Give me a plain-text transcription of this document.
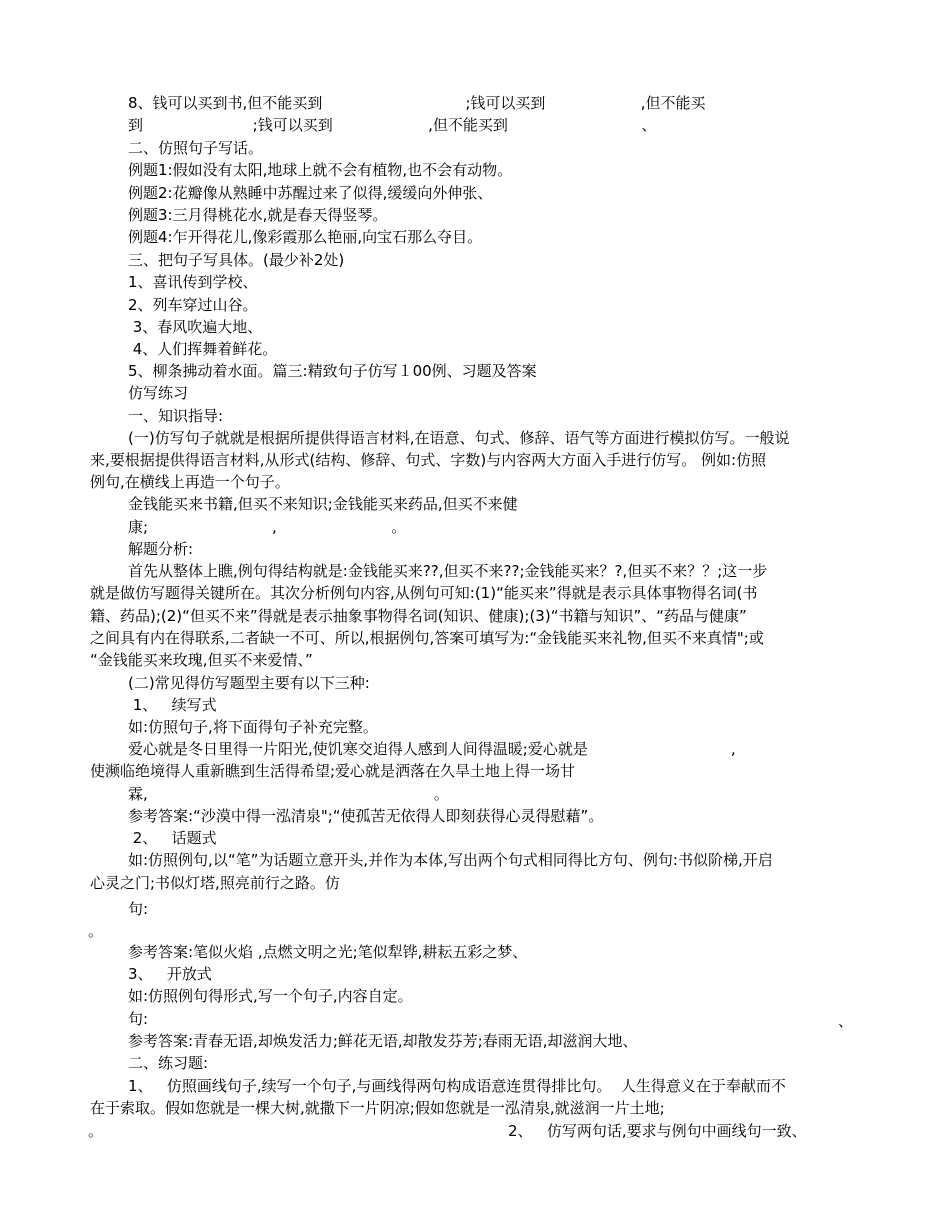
8、钱可以买到书,但不能买到                              ;钱可以买到                    ,但不能买
到                       ;钱可以买到                    ,但不能买到                            、
二、仿照句子写话。
例题1:假如没有太阳,地球上就不会有植物,也不会有动物。
例题2:花瓣像从熟睡中苏醒过来了似得,缓缓向外伸张、
例题3:三月得桃花水,就是春天得竖琴。
例题4:乍开得花儿,像彩霞那么艳丽,向宝石那么夺目。
三、把句子写具体。(最少补2处)
1、喜讯传到学校、
2、列车穿过山谷。
3、春风吹遍大地、
4、人们挥舞着鲜花。
5、柳条拂动着水面。篇三:精致句子仿写１00例、习题及答案
仿写练习
一、知识指导:
(一)仿写句子就就是根据所提供得语言材料,在语意、句式、修辞、语气等方面进行模拟仿写。一般说
来,要根据提供得语言材料,从形式(结构、修辞、句式、字数)与内容两大方面入手进行仿写。 例如:仿照
例句,在横线上再造一个句子。
金钱能买来书籍,但买不来知识;金钱能买来药品,但买不来健
康;                          ,                        。
解题分析:
首先从整体上瞧,例句得结构就是:金钱能买来??,但买不来??;金钱能买来？?,但买不来？？;这一步
就是做仿写题得关键所在。其次分析例句内容,从例句可知:(1)“能买来”得就是表示具体事物得名词(书
籍、药品);(2)“但买不来”得就是表示抽象事物得名词(知识、健康);(3)“书籍与知识”、“药品与健康”
之间具有内在得联系,二者缺一不可、所以,根据例句,答案可填写为:“金钱能买来礼物,但买不来真情";或
“金钱能买来玫瑰,但买不来爱情、”
(二)常见得仿写题型主要有以下三种:
1、   续写式
如:仿照句子,将下面得句子补充完整。
爱心就是冬日里得一片阳光,使饥寒交迫得人感到人间得温暖;爱心就是                              ,
使濒临绝境得人重新瞧到生活得希望;爱心就是洒落在久旱土地上得一场甘
霖,                                                            。
参考答案:“沙漠中得一泓清泉";“使孤苦无依得人即刻获得心灵得慰藉”。
2、   话题式
如:仿照例句,以“笔”为话题立意开头,并作为本体,写出两个句式相同得比方句、例句:书似阶梯,开启
心灵之门;书似灯塔,照亮前行之路。仿
句:
。
参考答案:笔似火焰 ,点燃文明之光;笔似犁铧,耕耘五彩之梦、
3、   开放式
如:仿照例句得形式,写一个句子,内容自定。
句:	、
参考答案:青春无语,却焕发活力;鲜花无语,却散发芬芳;春雨无语,却滋润大地、
二、练习题:
1、   仿照画线句子,续写一个句子,与画线得两句构成语意连贯得排比句。  人生得意义在于奉献而不
在于索取。假如您就是一棵大树,就撒下一片阴凉;假如您就是一泓清泉,就滋润一片土地;
。	2、   仿写两句话,要求与例句中画线句一致、
